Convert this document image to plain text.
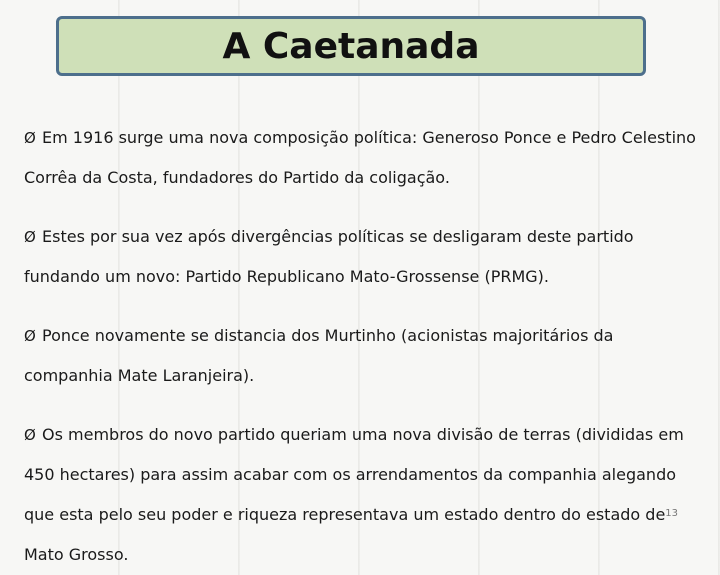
A Caetanada

Ø Em 1916 surge uma nova composição política: Generoso Ponce e Pedro Celestino Corrêa da Costa, fundadores do Partido da coligação.

Ø Estes por sua vez após divergências políticas se desligaram deste partido fundando um novo: Partido Republicano Mato-Grossense (PRMG).

Ø Ponce novamente se distancia dos Murtinho (acionistas majoritários da companhia Mate Laranjeira).

Ø Os membros do novo partido queriam uma nova divisão de terras (divididas em 450 hectares) para assim acabar com os arrendamentos da companhia alegando que esta pelo seu poder e riqueza representava um estado dentro do estado de Mato Grosso.

13
